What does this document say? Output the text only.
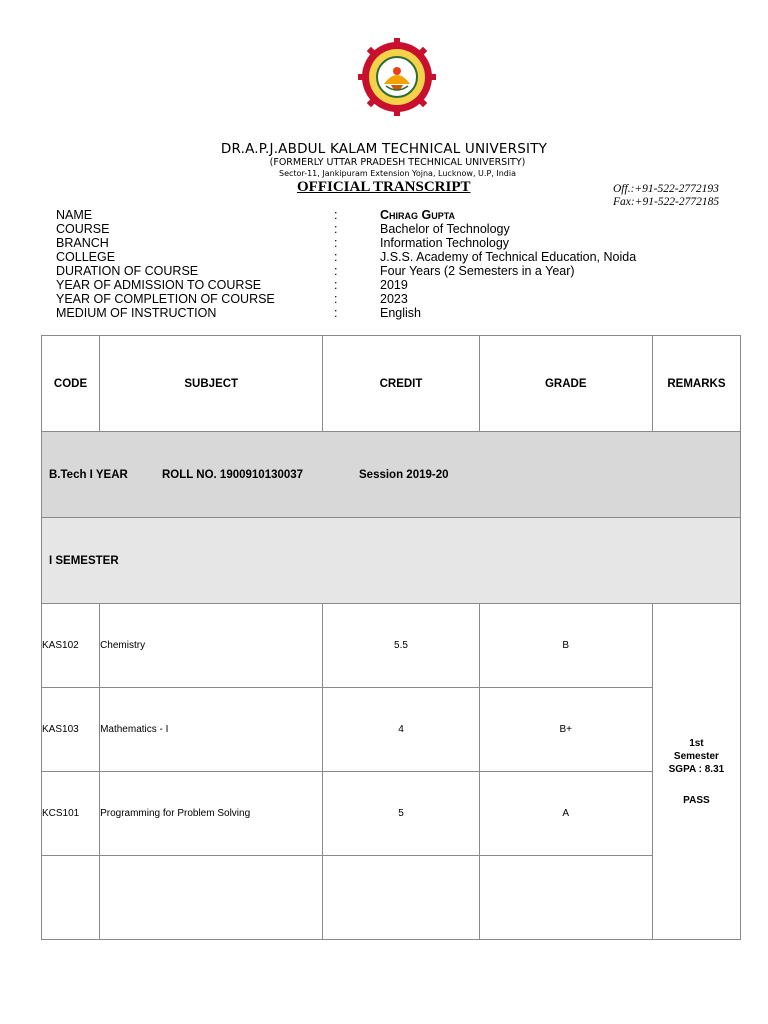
DR.A.P.J.ABDUL KALAM TECHNICAL UNIVERSITY
(FORMERLY UTTAR PRADESH TECHNICAL UNIVERSITY)
Sector-11, Jankipuram Extension Yojna, Lucknow, U.P, India
OFFICIAL TRANSCRIPT	Off.:+91-522-2772193
Fax:+91-522-2772185
NAME	:	Chirag Gupta
COURSE	:	Bachelor of Technology
BRANCH	:	Information Technology
COLLEGE	:	J.S.S. Academy of Technical Education, Noida
DURATION OF COURSE	:	Four Years (2 Semesters in a Year)
YEAR OF ADMISSION TO COURSE	:	2019
YEAR OF COMPLETION OF COURSE	:	2023
MEDIUM OF INSTRUCTION	:	English
CODE	SUBJECT	CREDIT	GRADE	REMARKS
B.Tech I YEAR ROLL NO. 1900910130037 Session 2019-20				
I SEMESTER				
KAS102	Chemistry	5.5	B	1st
Semester
SGPA : 8.31
PASS

KAS103	Mathematics - I	4	B+	
KCS101	Programming for Problem Solving	5	A	
